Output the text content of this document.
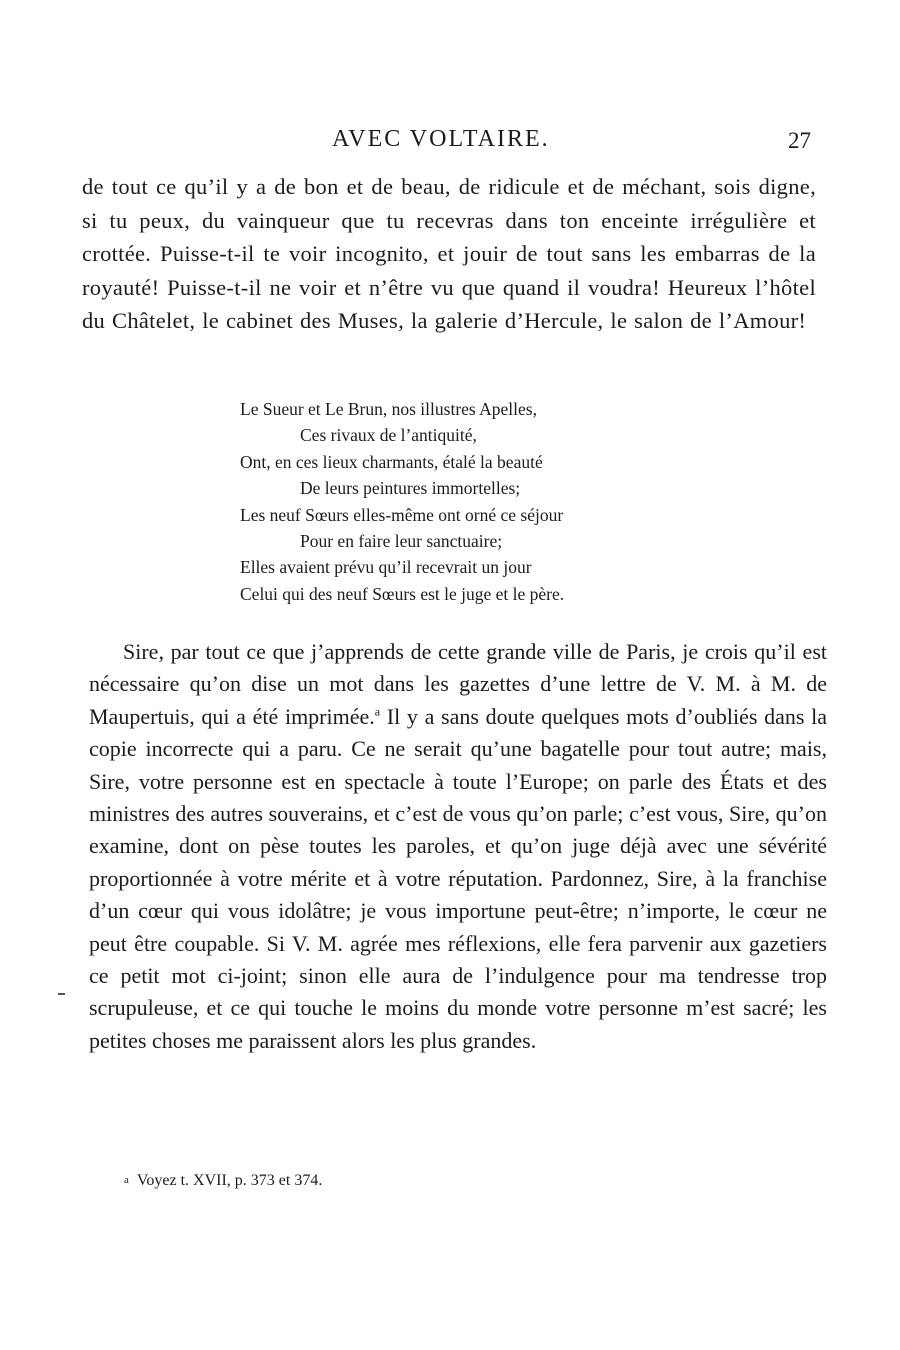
AVEC VOLTAIRE.	27

de tout ce qu’il y a de bon et de beau, de ridicule et de méchant, sois digne, si tu peux, du vainqueur que tu recevras dans ton enceinte irrégulière et crottée. Puisse-t-il te voir incognito, et jouir de tout sans les embarras de la royauté! Puisse-t-il ne voir et n’être vu que quand il voudra! Heureux l’hôtel du Châtelet, le cabinet des Muses, la galerie d’Hercule, le salon de l’Amour!

Le Sueur et Le Brun, nos illustres Apelles,
Ces rivaux de l’antiquité,
Ont, en ces lieux charmants, étalé la beauté
De leurs peintures immortelles;
Les neuf Sœurs elles-même ont orné ce séjour
Pour en faire leur sanctuaire;
Elles avaient prévu qu’il recevrait un jour
Celui qui des neuf Sœurs est le juge et le père.

Sire, par tout ce que j’apprends de cette grande ville de Paris, je crois qu’il est nécessaire qu’on dise un mot dans les gazettes d’une lettre de V. M. à M. de Maupertuis, qui a été imprimée.$^a$ Il y a sans doute quelques mots d’oubliés dans la copie incorrecte qui a paru. Ce ne serait qu’une bagatelle pour tout autre; mais, Sire, votre personne est en spectacle à toute l’Europe; on parle des États et des ministres des autres souverains, et c’est de vous qu’on parle; c’est vous, Sire, qu’on examine, dont on pèse toutes les paroles, et qu’on juge déjà avec une sévérité proportionnée à votre mérite et à votre réputation. Pardonnez, Sire, à la franchise d’un cœur qui vous idolâtre; je vous importune peut-être; n’importe, le cœur ne peut être coupable. Si V. M. agrée mes réflexions, elle fera parvenir aux gazetiers ce petit mot ci-joint; sinon elle aura de l’indulgence pour ma tendresse trop scrupuleuse, et ce qui touche le moins du monde votre personne m’est sacré; les petites choses me paraissent alors les plus grandes.

a Voyez t. XVII, p. 373 et 374.
